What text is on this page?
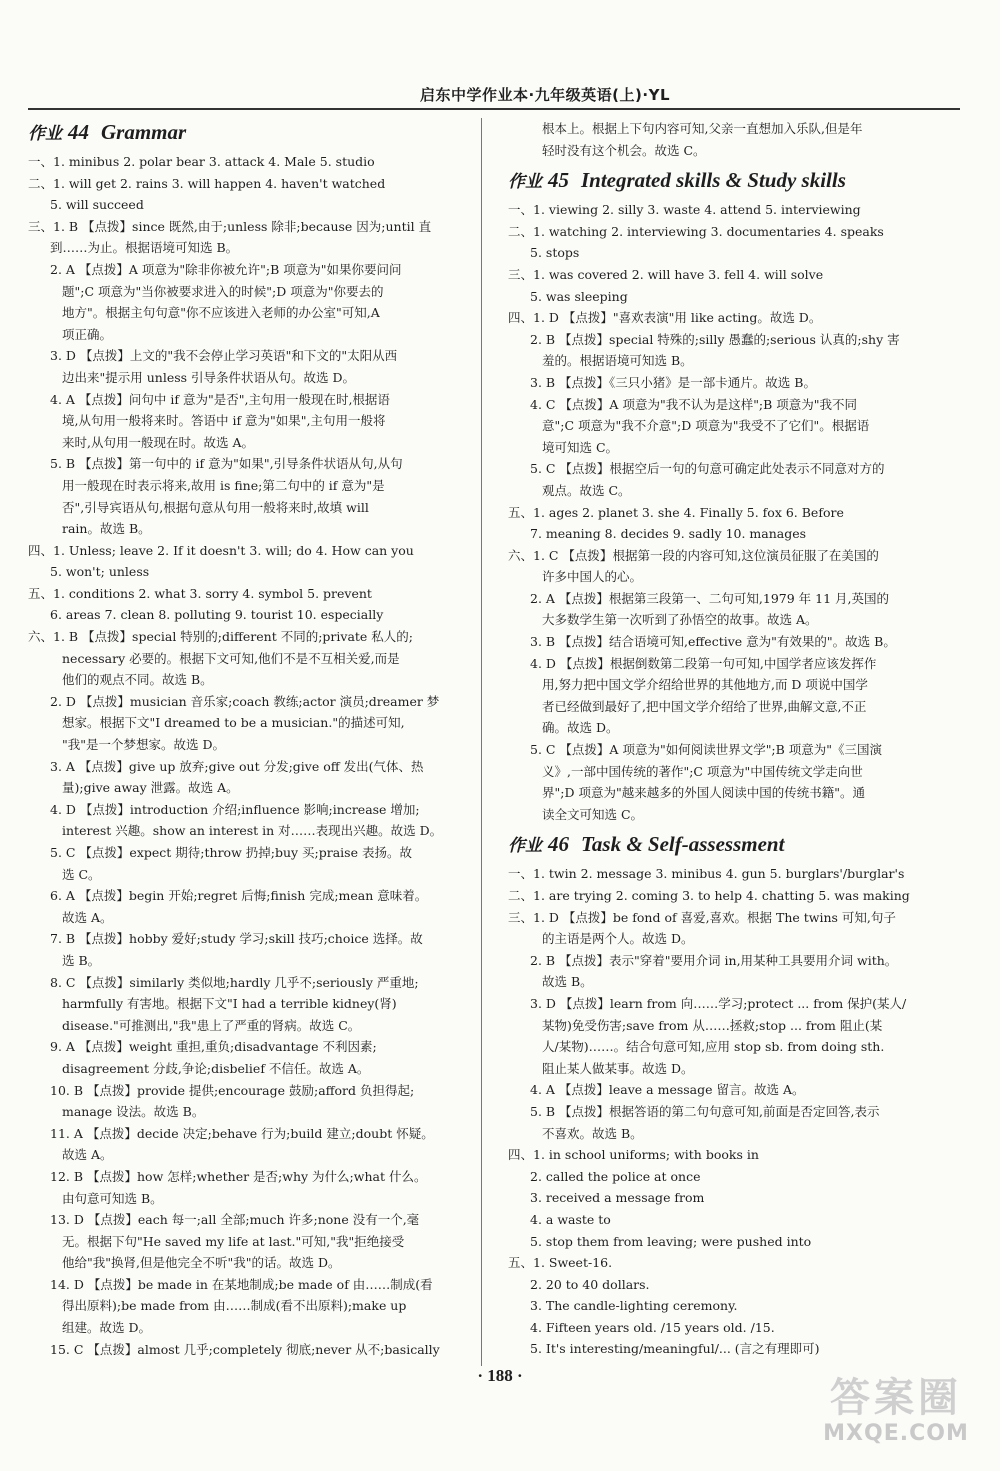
启东中学作业本·九年级英语(上)·YL
作业 44 Grammar
一、1. minibus 2. polar bear 3. attack 4. Male 5. studio
二、1. will get 2. rains 3. will happen 4. haven't watched
5. will succeed
三、1. B 【点拨】since 既然,由于;unless 除非;because 因为;until 直
到……为止。根据语境可知选 B。
2. A 【点拨】A 项意为"除非你被允许";B 项意为"如果你要问问
题";C 项意为"当你被要求进入的时候";D 项意为"你要去的
地方"。根据主句句意"你不应该进入老师的办公室"可知,A
项正确。
3. D 【点拨】上文的"我不会停止学习英语"和下文的"太阳从西
边出来"提示用 unless 引导条件状语从句。故选 D。
4. A 【点拨】问句中 if 意为"是否",主句用一般现在时,根据语
境,从句用一般将来时。答语中 if 意为"如果",主句用一般将
来时,从句用一般现在时。故选 A。
5. B 【点拨】第一句中的 if 意为"如果",引导条件状语从句,从句
用一般现在时表示将来,故用 is fine;第二句中的 if 意为"是
否",引导宾语从句,根据句意从句用一般将来时,故填 will
rain。故选 B。
四、1. Unless; leave 2. If it doesn't 3. will; do 4. How can you
5. won't; unless
五、1. conditions 2. what 3. sorry 4. symbol 5. prevent
6. areas 7. clean 8. polluting 9. tourist 10. especially
六、1. B 【点拨】special 特别的;different 不同的;private 私人的;
necessary 必要的。根据下文可知,他们不是不互相关爱,而是
他们的观点不同。故选 B。
2. D 【点拨】musician 音乐家;coach 教练;actor 演员;dreamer 梦
想家。根据下文"I dreamed to be a musician."的描述可知,
"我"是一个梦想家。故选 D。
3. A 【点拨】give up 放弃;give out 分发;give off 发出(气体、热
量);give away 泄露。故选 A。
4. D 【点拨】introduction 介绍;influence 影响;increase 增加;
interest 兴趣。show an interest in 对……表现出兴趣。故选 D。
5. C 【点拨】expect 期待;throw 扔掉;buy 买;praise 表扬。故
选 C。
6. A 【点拨】begin 开始;regret 后悔;finish 完成;mean 意味着。
故选 A。
7. B 【点拨】hobby 爱好;study 学习;skill 技巧;choice 选择。故
选 B。
8. C 【点拨】similarly 类似地;hardly 几乎不;seriously 严重地;
harmfully 有害地。根据下文"I had a terrible kidney(肾)
disease."可推测出,"我"患上了严重的肾病。故选 C。
9. A 【点拨】weight 重担,重负;disadvantage 不利因素;
disagreement 分歧,争论;disbelief 不信任。故选 A。
10. B 【点拨】provide 提供;encourage 鼓励;afford 负担得起;
manage 设法。故选 B。
11. A 【点拨】decide 决定;behave 行为;build 建立;doubt 怀疑。
故选 A。
12. B 【点拨】how 怎样;whether 是否;why 为什么;what 什么。
由句意可知选 B。
13. D 【点拨】each 每一;all 全部;much 许多;none 没有一个,毫
无。根据下句"He saved my life at last."可知,"我"拒绝接受
他给"我"换肾,但是他完全不听"我"的话。故选 D。
14. D 【点拨】be made in 在某地制成;be made of 由……制成(看
得出原料);be made from 由……制成(看不出原料);make up
组建。故选 D。
15. C 【点拨】almost 几乎;completely 彻底;never 从不;basically
根本上。根据上下句内容可知,父亲一直想加入乐队,但是年
轻时没有这个机会。故选 C。
作业 45 Integrated skills & Study skills
一、1. viewing 2. silly 3. waste 4. attend 5. interviewing
二、1. watching 2. interviewing 3. documentaries 4. speaks
5. stops
三、1. was covered 2. will have 3. fell 4. will solve
5. was sleeping
四、1. D 【点拨】"喜欢表演"用 like acting。故选 D。
2. B 【点拨】special 特殊的;silly 愚蠢的;serious 认真的;shy 害
羞的。根据语境可知选 B。
3. B 【点拨】《三只小猪》是一部卡通片。故选 B。
4. C 【点拨】A 项意为"我不认为是这样";B 项意为"我不同
意";C 项意为"我不介意";D 项意为"我受不了它们"。根据语
境可知选 C。
5. C 【点拨】根据空后一句的句意可确定此处表示不同意对方的
观点。故选 C。
五、1. ages 2. planet 3. she 4. Finally 5. fox 6. Before
7. meaning 8. decides 9. sadly 10. manages
六、1. C 【点拨】根据第一段的内容可知,这位演员征服了在美国的
许多中国人的心。
2. A 【点拨】根据第三段第一、二句可知,1979 年 11 月,英国的
大多数学生第一次听到了孙悟空的故事。故选 A。
3. B 【点拨】结合语境可知,effective 意为"有效果的"。故选 B。
4. D 【点拨】根据倒数第二段第一句可知,中国学者应该发挥作
用,努力把中国文学介绍给世界的其他地方,而 D 项说中国学
者已经做到最好了,把中国文学介绍给了世界,曲解文意,不正
确。故选 D。
5. C 【点拨】A 项意为"如何阅读世界文学";B 项意为"《三国演
义》,一部中国传统的著作";C 项意为"中国传统文学走向世
界";D 项意为"越来越多的外国人阅读中国的传统书籍"。通
读全文可知选 C。
作业 46 Task & Self-assessment
一、1. twin 2. message 3. minibus 4. gun 5. burglars'/burglar's
二、1. are trying 2. coming 3. to help 4. chatting 5. was making
三、1. D 【点拨】be fond of 喜爱,喜欢。根据 The twins 可知,句子
的主语是两个人。故选 D。
2. B 【点拨】表示"穿着"要用介词 in,用某种工具要用介词 with。
故选 B。
3. D 【点拨】learn from 向……学习;protect ... from 保护(某人/
某物)免受伤害;save from 从……拯救;stop ... from 阻止(某
人/某物)……。结合句意可知,应用 stop sb. from doing sth.
阻止某人做某事。故选 D。
4. A 【点拨】leave a message 留言。故选 A。
5. B 【点拨】根据答语的第二句句意可知,前面是否定回答,表示
不喜欢。故选 B。
四、1. in school uniforms; with books in
2. called the police at once
3. received a message from
4. a waste to
5. stop them from leaving; were pushed into
五、1. Sweet-16.
2. 20 to 40 dollars.
3. The candle-lighting ceremony.
4. Fifteen years old. /15 years old. /15.
5. It's interesting/meaningful/... (言之有理即可)
· 188 ·	答案圈
MXQE.COM
